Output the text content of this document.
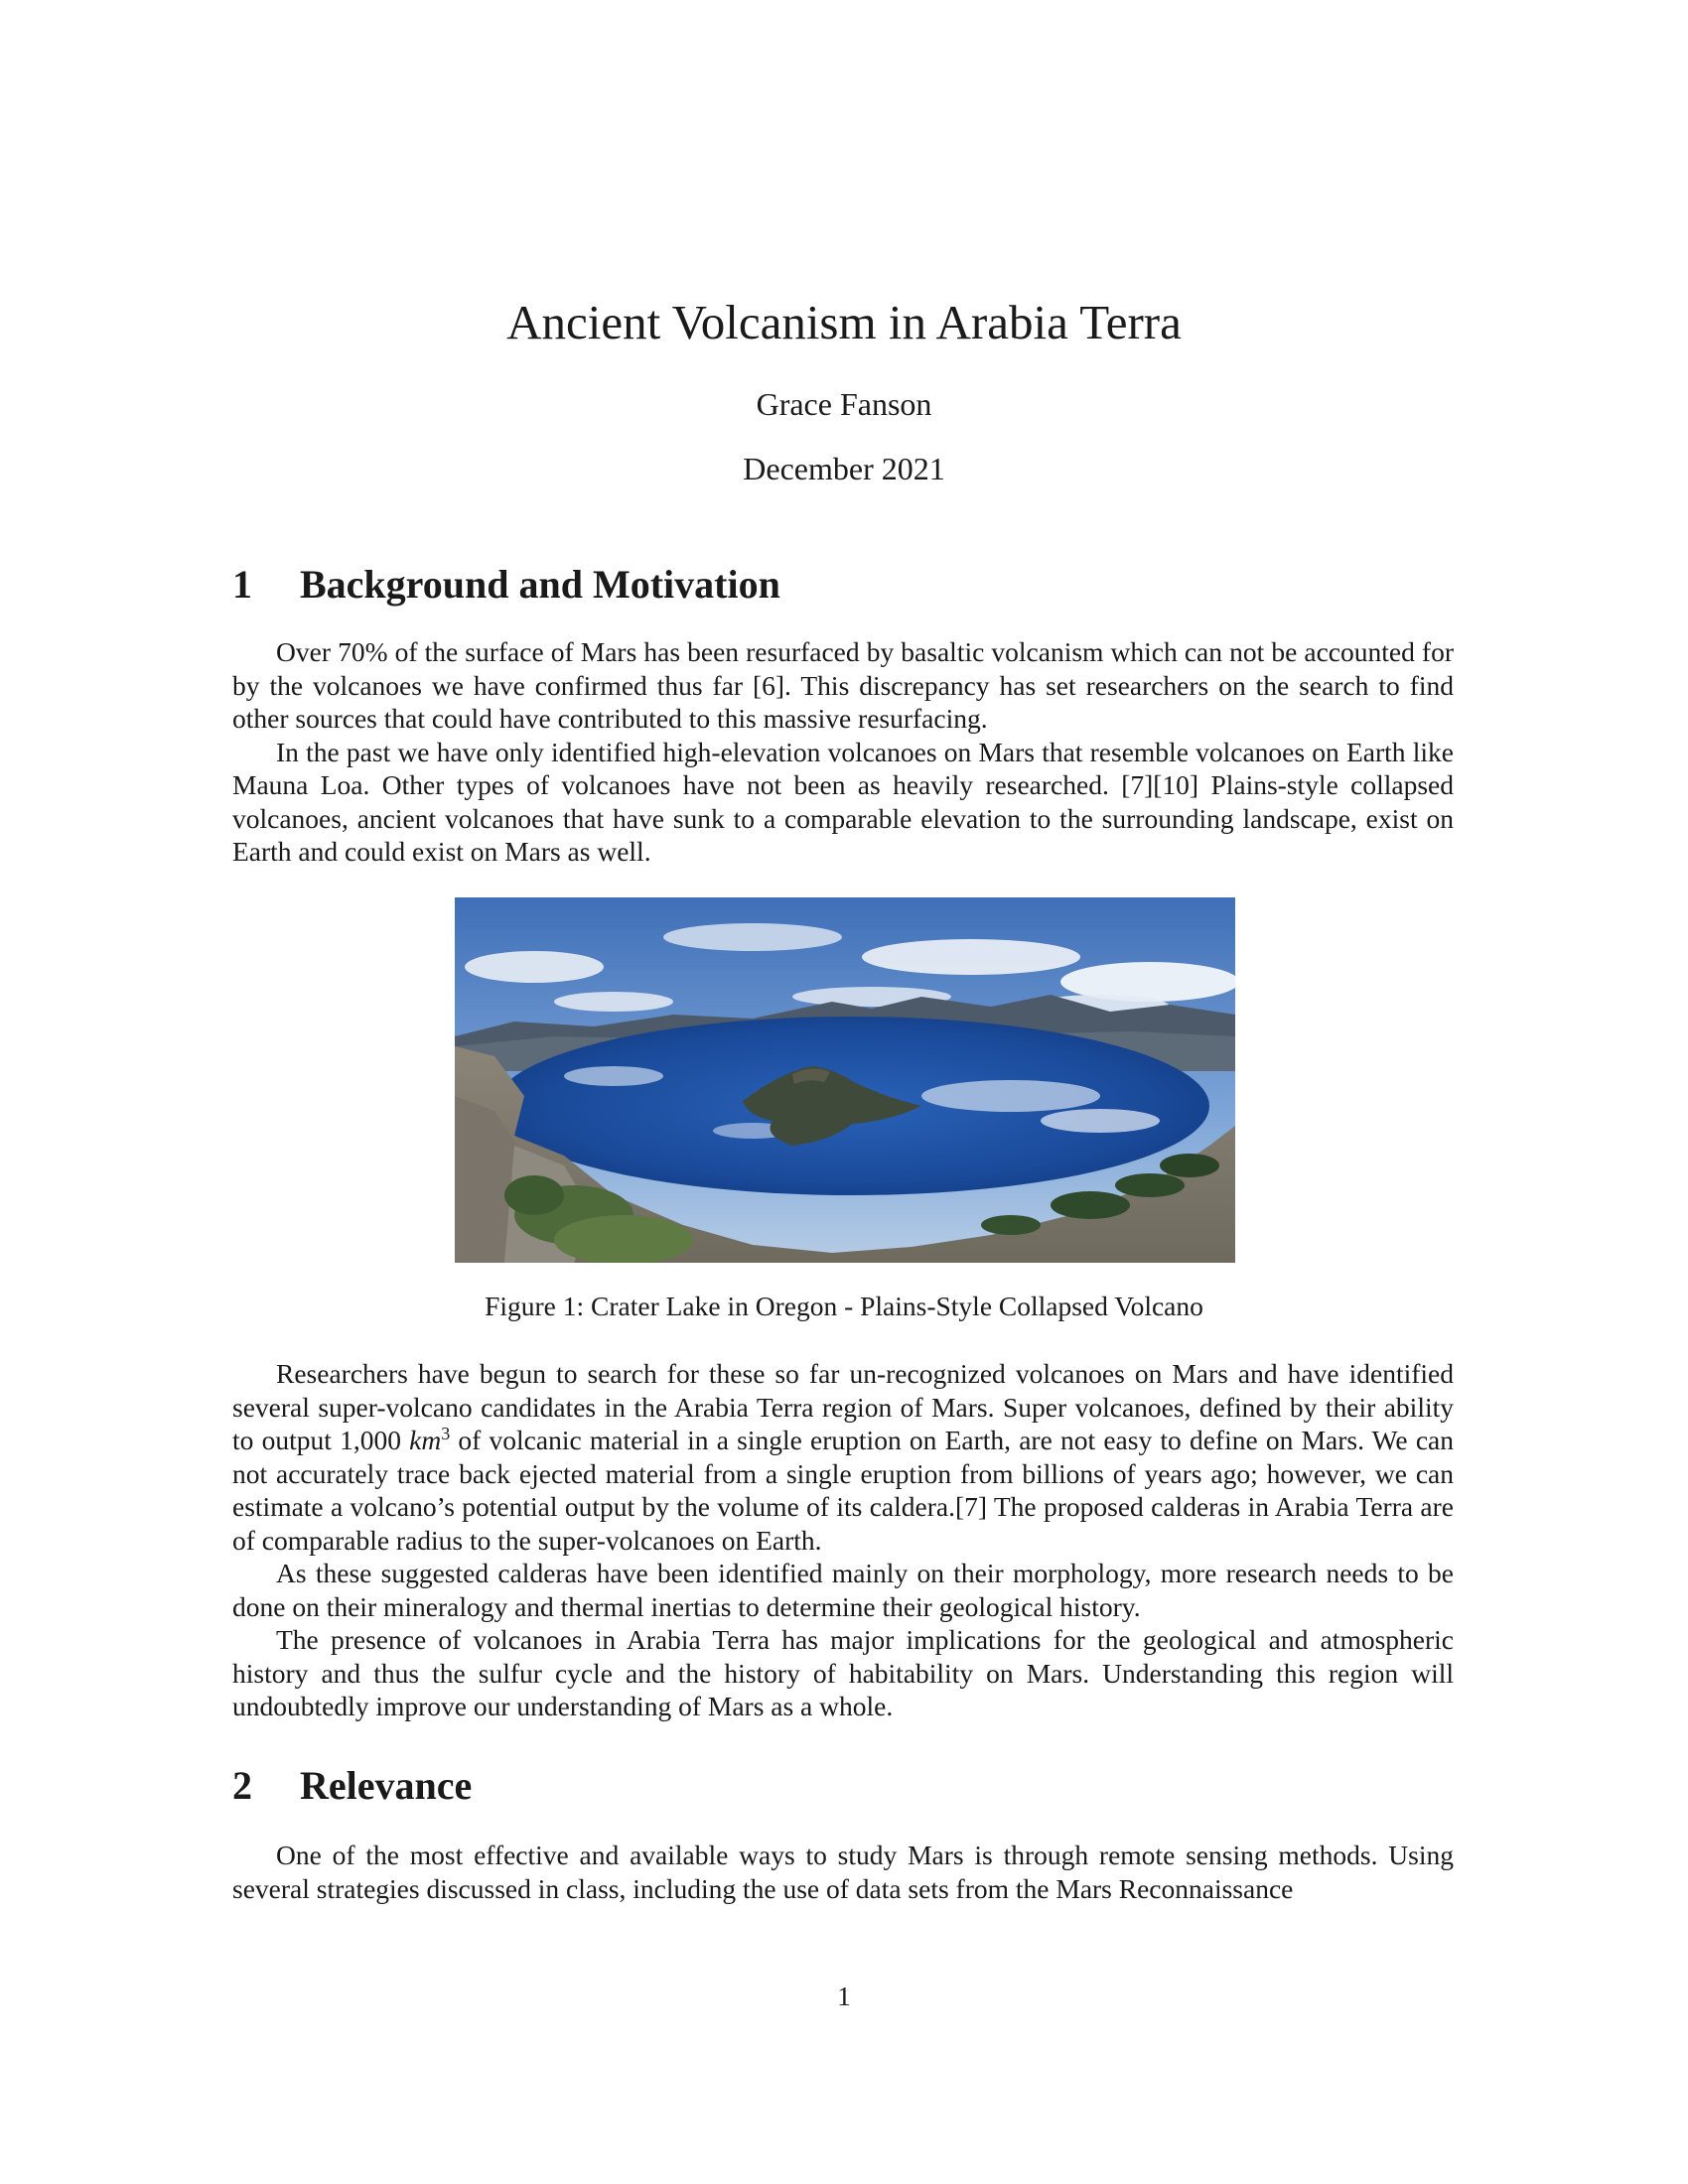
Ancient Volcanism in Arabia Terra
Grace Fanson
December 2021
1	Background and Motivation

Over 70% of the surface of Mars has been resurfaced by basaltic volcanism which can not be accounted for by the volcanoes we have confirmed thus far [6]. This discrepancy has set researchers on the search to find other sources that could have contributed to this massive resurfacing.

In the past we have only identified high-elevation volcanoes on Mars that resemble volcanoes on Earth like Mauna Loa. Other types of volcanoes have not been as heavily researched. [7][10] Plains-style collapsed volcanoes, ancient volcanoes that have sunk to a comparable elevation to the surrounding landscape, exist on Earth and could exist on Mars as well.

Figure 1: Crater Lake in Oregon - Plains-Style Collapsed Volcano

Researchers have begun to search for these so far un-recognized volcanoes on Mars and have identified several super-volcano candidates in the Arabia Terra region of Mars. Super volcanoes, defined by their ability to output 1,000 $km^3$ of volcanic material in a single eruption on Earth, are not easy to define on Mars. We can not accurately trace back ejected material from a single eruption from billions of years ago; however, we can estimate a volcano’s potential output by the volume of its caldera.[7] The proposed calderas in Arabia Terra are of comparable radius to the super-volcanoes on Earth.

As these suggested calderas have been identified mainly on their morphology, more research needs to be done on their mineralogy and thermal inertias to determine their geological history.

The presence of volcanoes in Arabia Terra has major implications for the geological and atmospheric history and thus the sulfur cycle and the history of habitability on Mars. Understanding this region will undoubtedly improve our understanding of Mars as a whole.

2	Relevance

One of the most effective and available ways to study Mars is through remote sensing methods. Using several strategies discussed in class, including the use of data sets from the Mars Reconnaissance

1
